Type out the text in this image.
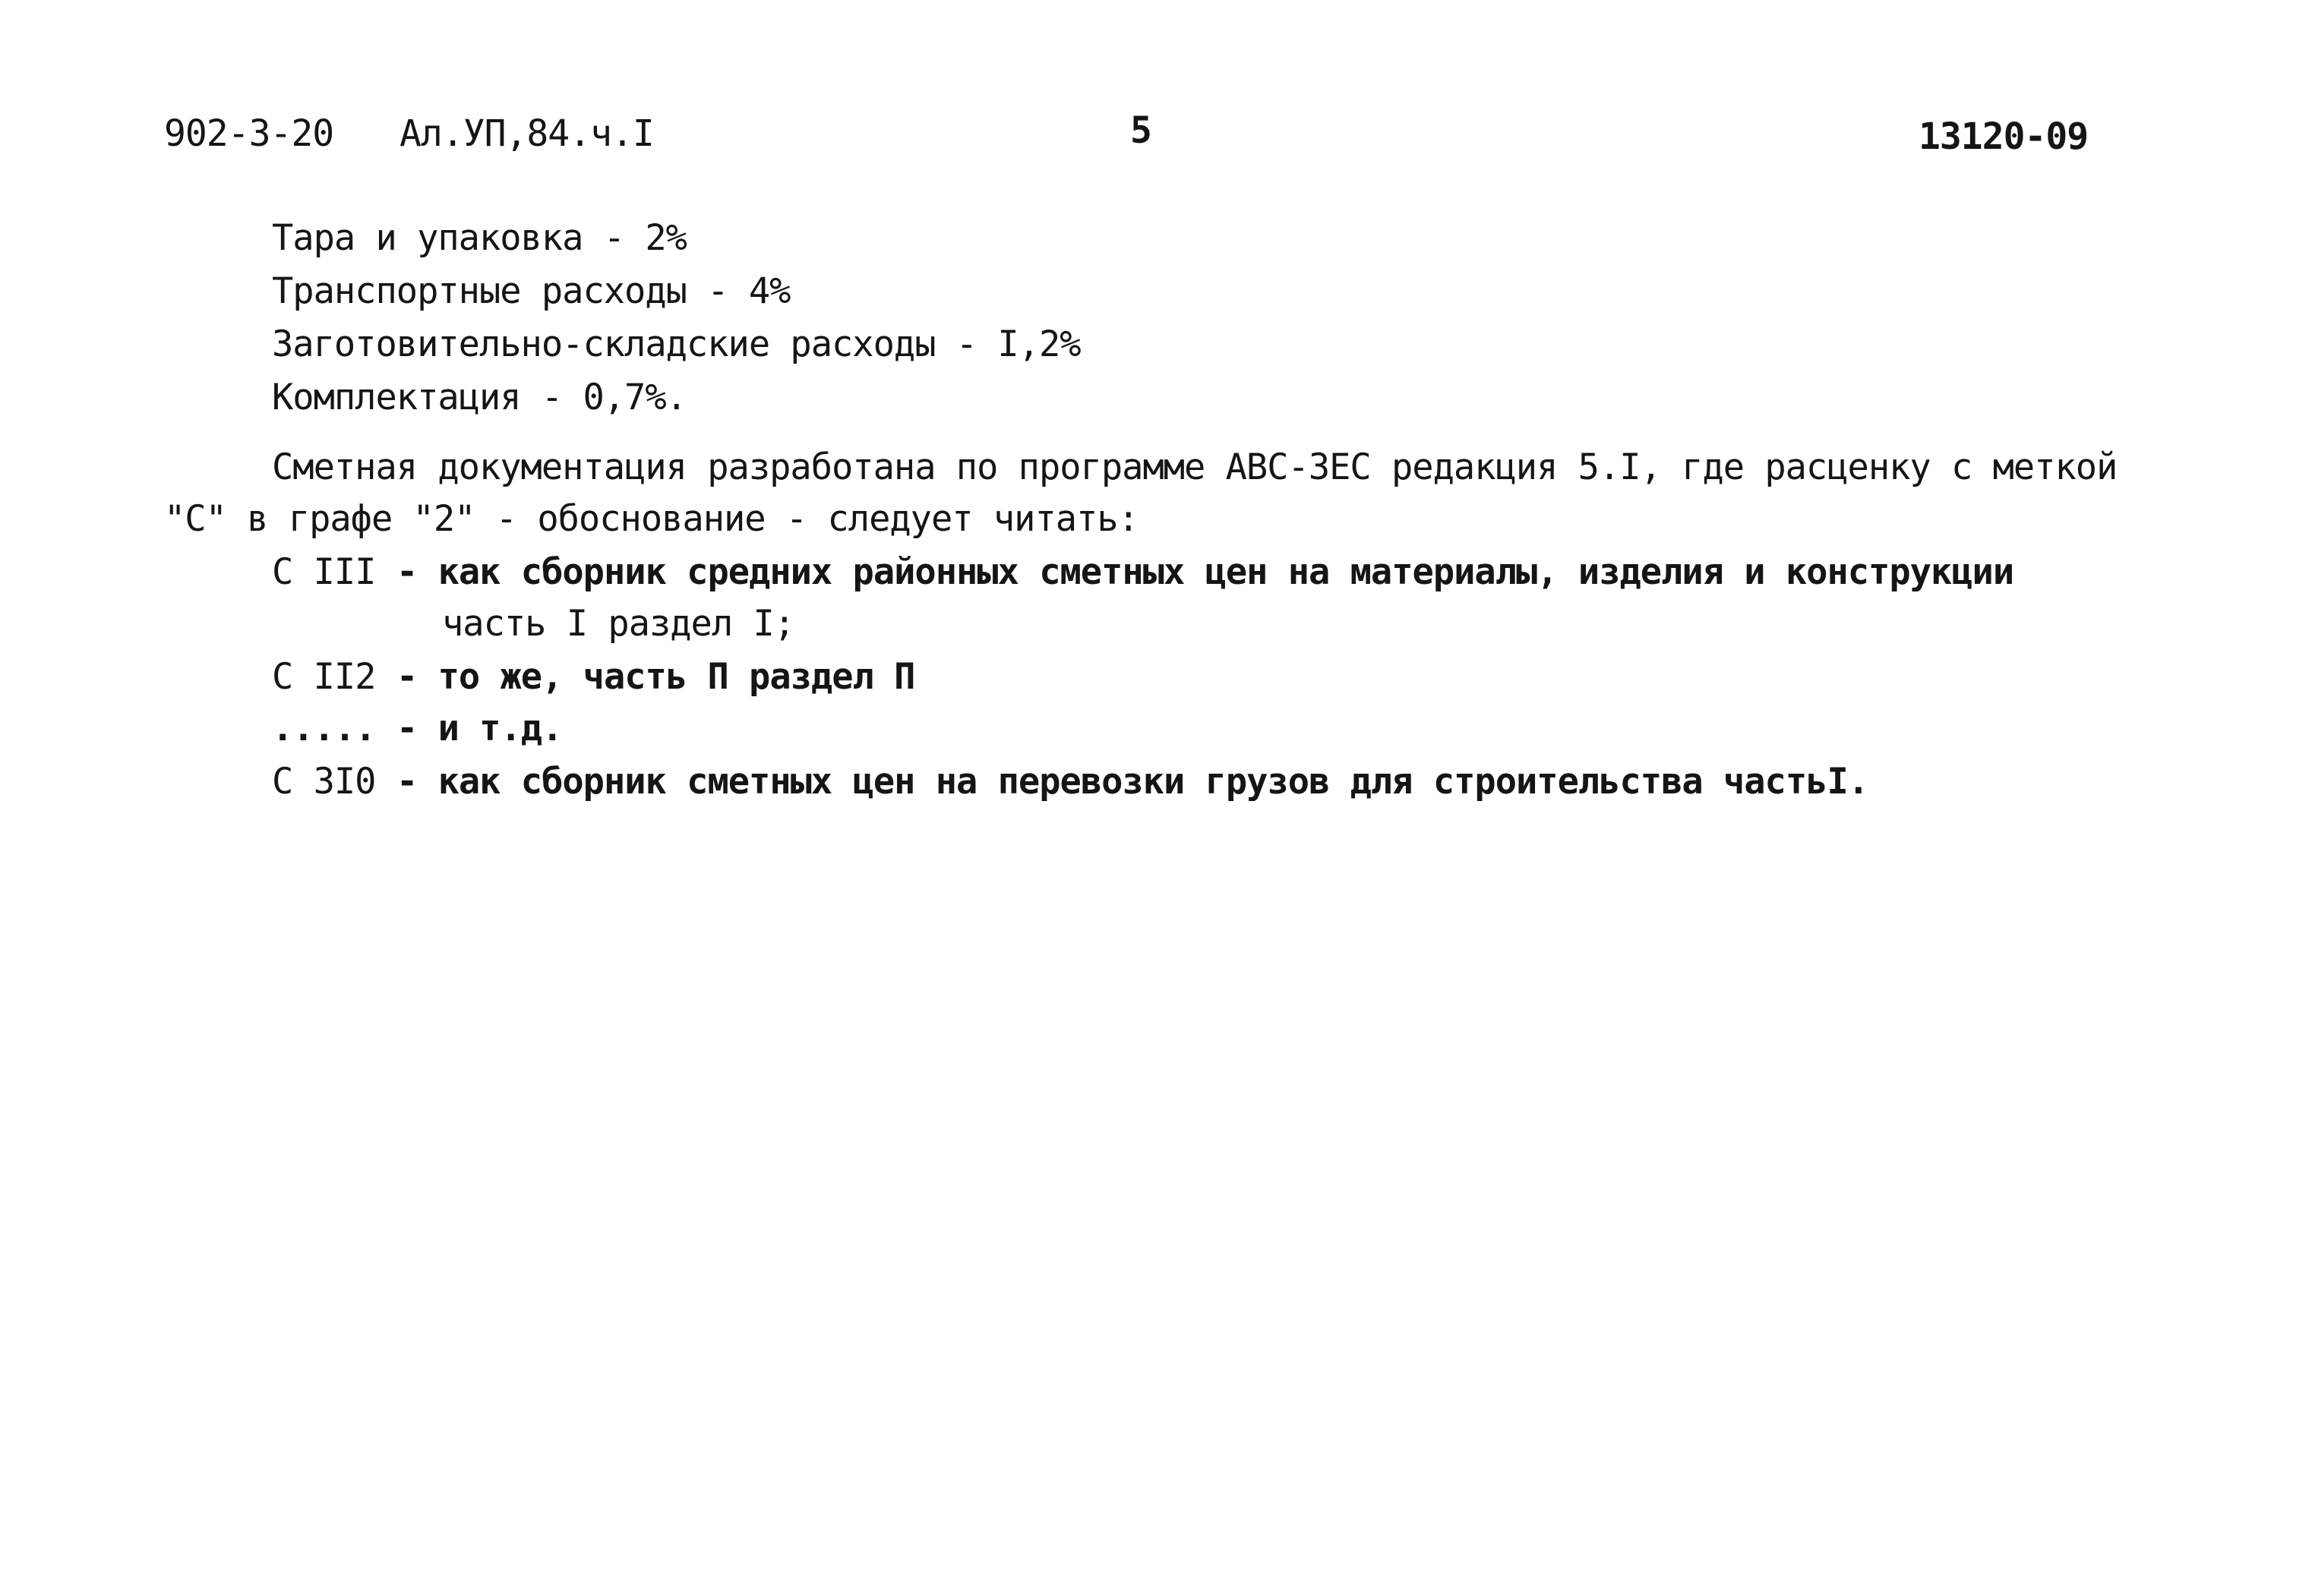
902-3-20 Ал.УП,84.ч.I	5	13120-09
Тара и упаковка - 2%
Транспортные расходы - 4%
Заготовительно-складские расходы - I,2%
Комплектация - 0,7%.
Сметная документация разработана по программе АВС-3ЕС редакция 5.I, где расценку с меткой
"С" в графе "2" - обоснование - следует читать:
С III - как сборник средних районных сметных цен на материалы, изделия и конструкции
часть I раздел I;
С II2 - то же, часть П раздел П
..... - и т.д.
С 3I0 - как сборник сметных цен на перевозки грузов для строительства частьI.
